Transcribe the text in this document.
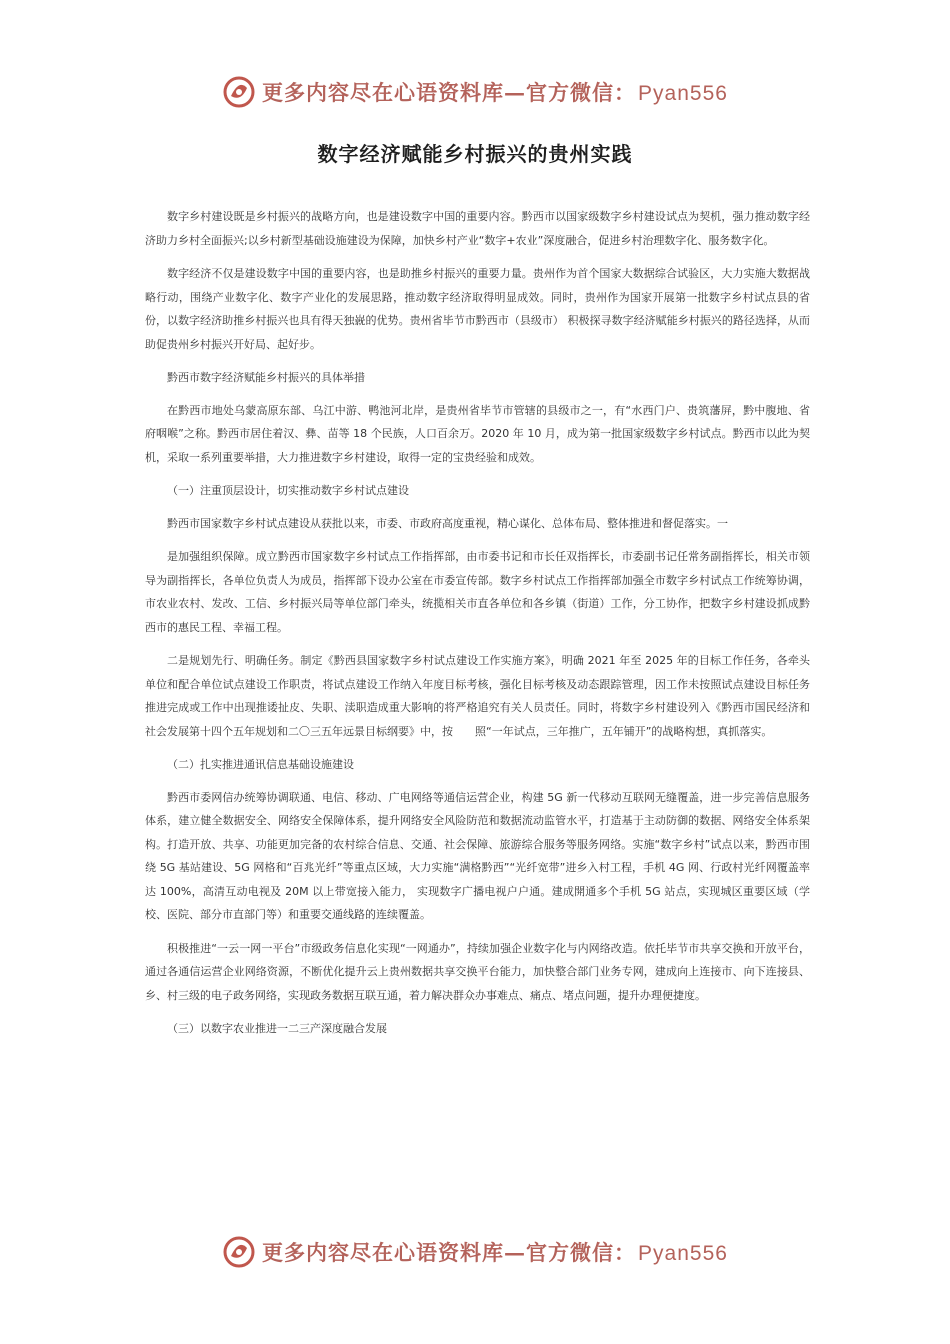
更多内容尽在心语资料库—官方微信：Pyan556
数字经济赋能乡村振兴的贵州实践

数字乡村建设既是乡村振兴的战略方向，也是建设数字中国的重要内容。黔西市以国家级数字乡村建设试点为契机，强力推动数字经济助力乡村全面振兴;以乡村新型基础设施建设为保障，加快乡村产业“数字+农业”深度融合，促进乡村治理数字化、服务数字化。

数字经济不仅是建设数字中国的重要内容，也是助推乡村振兴的重要力量。贵州作为首个国家大数据综合试验区，大力实施大数据战略行动，围绕产业数字化、数字产业化的发展思路，推动数字经济取得明显成效。同时，贵州作为国家开展第一批数字乡村试点县的省份，以数字经济助推乡村振兴也具有得天独㠇的优势。贵州省毕节市黔西市（县级市） 积极探寻数字经济赋能乡村振兴的路径选择，从而助促贵州乡村振兴开好局、起好步。

黔西市数字经济赋能乡村振兴的具体举措

在黔西市地处乌蒙高原东部、乌江中游、鸭池河北岸，是贵州省毕节市管辖的县级市之一，有“水西门户、贵筑藩屏，黔中腹地、省府咽喉”之称。黔西市居住着汉、彝、苗等 18 个民族，人口百余万。2020 年 10 月，成为第一批国家级数字乡村试点。黔西市以此为契机，采取一系列重要举措，大力推进数字乡村建设，取得一定的宝贵经验和成效。

（一）注重顶层设计，切实推动数字乡村试点建设

黔西市国家数字乡村试点建设从获批以来，市委、市政府高度重视，精心谋化、总体布局、整体推进和督促落实。一

是加强组织保障。成立黔西市国家数字乡村试点工作指挥部，由市委书记和市长任双指挥长，市委副书记任常务副指挥长，相关市领导为副指挥长，各单位负责人为成员，指挥部下设办公室在市委宣传部。数字乡村试点工作指挥部加强全市数字乡村试点工作统筹协调，市农业农村、发改、工信、乡村振兴局等单位部门牵头，统揽相关市直各单位和各乡镇（街道）工作，分工协作，把数字乡村建设抓成黔西市的惠民工程、幸福工程。

二是规划先行、明确任务。制定《黔西县国家数字乡村试点建设工作实施方案》，明确 2021 年至 2025 年的目标工作任务，各牵头单位和配合单位试点建设工作职责，将试点建设工作纳入年度目标考核，强化目标考核及动态跟踪管理，因工作未按照试点建设目标任务推进完成或工作中出现推诿扯皮、失职、渎职造成重大影响的将严格追究有关人员责任。同时，将数字乡村建设列入《黔西市国民经济和社会发展第十四个五年规划和二〇三五年远景目标纲要》中，按　　照“一年试点，三年推广，五年铺开”的战略构想，真抓落实。

（二）扎实推进通讯信息基础设施建设

黔西市委网信办统筹协调联通、电信、移动、广电网络等通信运营企业，构建 5G 新一代移动互联网无缝覆盖，进一步完善信息服务体系，建立健全数据安全、网络安全保障体系，提升网络安全风险防范和数据流动监管水平，打造基于主动防御的数据、网络安全体系架构。打造开放、共享、功能更加完备的农村综合信息、交通、社会保障、旅游综合服务等服务网络。实施“数字乡村”试点以来，黔西市围绕 5G 基站建设、5G 网格和“百兆光纤”等重点区域，大力实施“满格黔西”“光纤宽带”进乡入村工程，手机 4G 网、行政村光纤网覆盖率达 100%，高清互动电视及 20M 以上带宽接入能力， 实现数字广播电视户户通。建成開通多个手机 5G 站点，实现城区重要区域（学校、医院、部分市直部门等）和重要交通线路的连续覆盖。

积极推进“一云一网一平台”市级政务信息化实现“一网通办”，持续加强企业数字化与内网络改造。依托毕节市共享交换和开放平台，通过各通信运营企业网络资源，不断优化提升云上贵州数据共享交换平台能力，加快整合部门业务专网，建成向上连接市、向下连接县、乡、村三级的电子政务网络，实现政务数据互联互通，着力解决群众办事难点、痛点、堵点问题，提升办理便捷度。

（三）以数字农业推进一二三产深度融合发展

更多内容尽在心语资料库—官方微信：Pyan556
